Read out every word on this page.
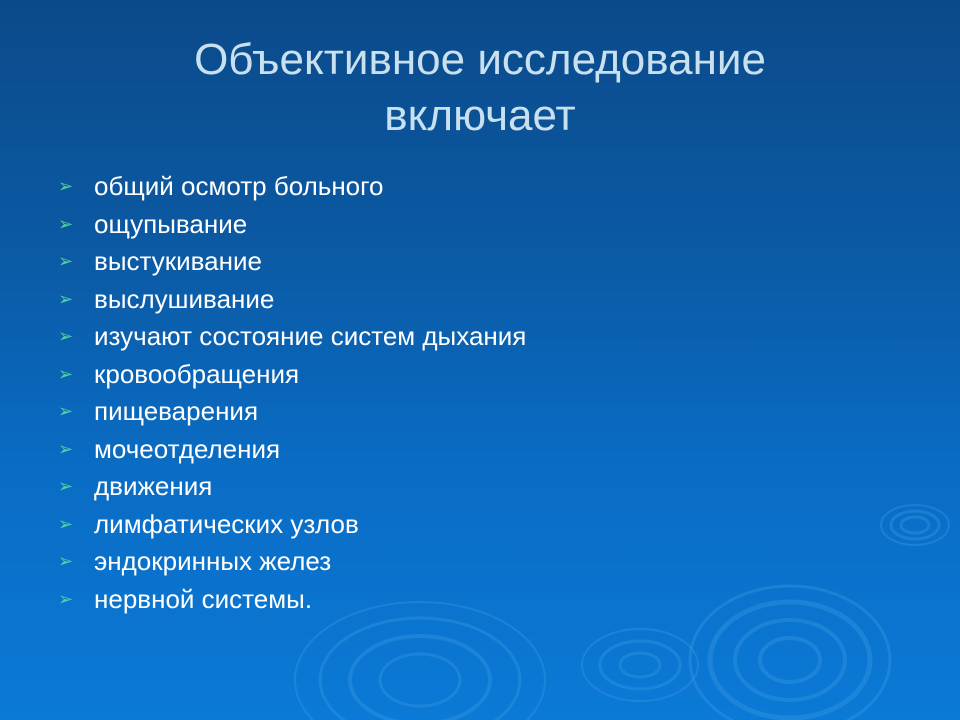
Объективное исследование
включает
➢ общий осмотр больного
➢ ощупывание
➢ выстукивание
➢ выслушивание
➢ изучают состояние систем дыхания
➢ кровообращения
➢ пищеварения
➢ мочеотделения
➢ движения
➢ лимфатических узлов
➢ эндокринных желез
➢ нервной системы.
